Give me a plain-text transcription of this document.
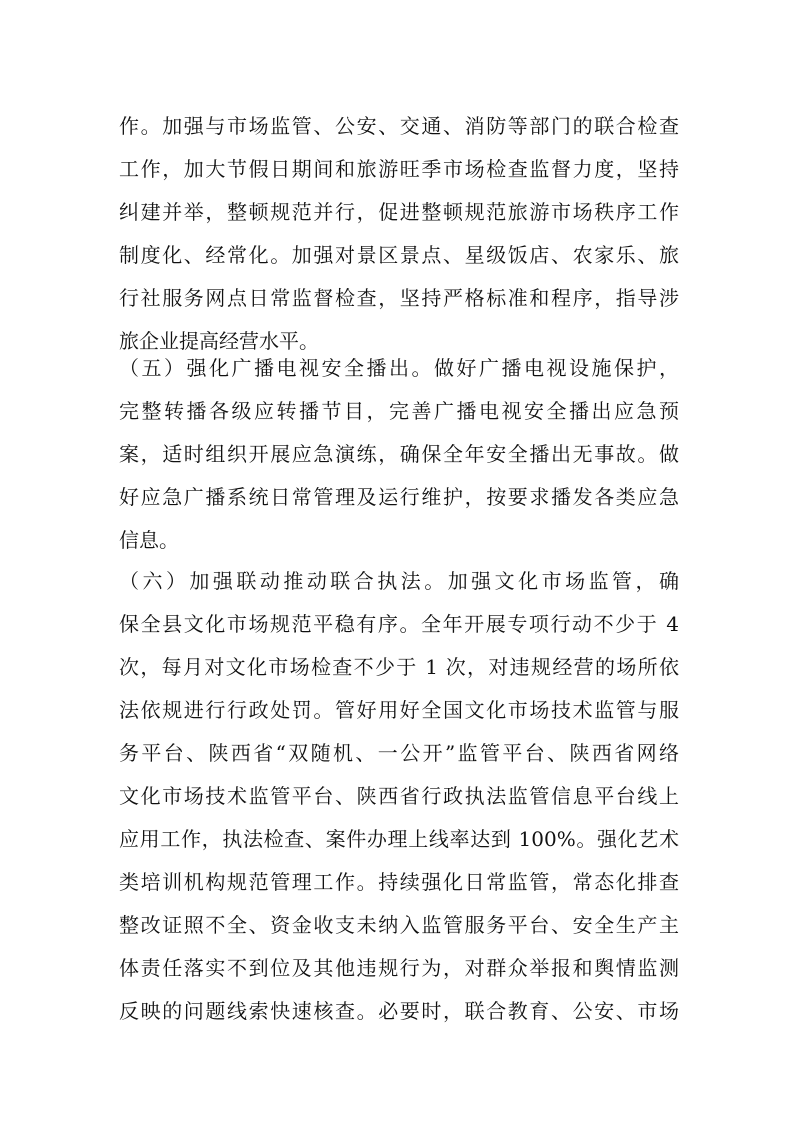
作。加强与市场监管、公安、交通、消防等部门的联合检查
工作，加大节假日期间和旅游旺季市场检查监督力度，坚持
纠建并举，整顿规范并行，促进整顿规范旅游市场秩序工作
制度化、经常化。加强对景区景点、星级饭店、农家乐、旅
行社服务网点日常监督检查，坚持严格标准和程序，指导涉
旅企业提高经营水平。
（五）强化广播电视安全播出。做好广播电视设施保护，
完整转播各级应转播节目，完善广播电视安全播出应急预
案，适时组织开展应急演练，确保全年安全播出无事故。做
好应急广播系统日常管理及运行维护，按要求播发各类应急
信息。
（六）加强联动推动联合执法。加强文化市场监管，确
保全县文化市场规范平稳有序。全年开展专项行动不少于 4
次，每月对文化市场检查不少于 1 次，对违规经营的场所依
法依规进行行政处罚。管好用好全国文化市场技术监管与服
务平台、陕西省“双随机、一公开”监管平台、陕西省网络
文化市场技术监管平台、陕西省行政执法监管信息平台线上
应用工作，执法检查、案件办理上线率达到 100%。强化艺术
类培训机构规范管理工作。持续强化日常监管，常态化排查
整改证照不全、资金收支未纳入监管服务平台、安全生产主
体责任落实不到位及其他违规行为，对群众举报和舆情监测
反映的问题线索快速核查。必要时，联合教育、公安、市场
